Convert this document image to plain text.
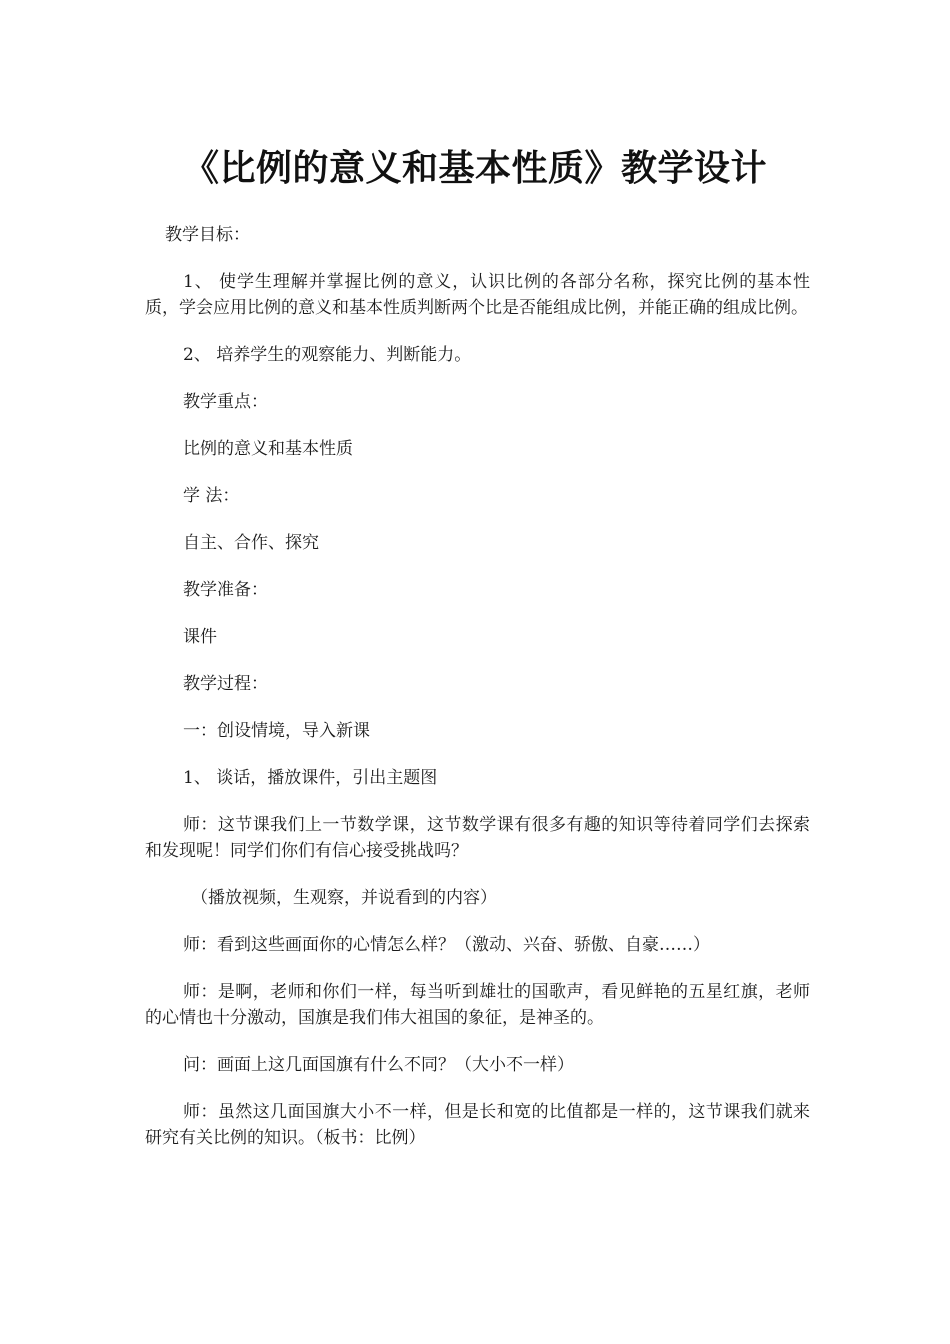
《比例的意义和基本性质》教学设计

教学目标：

1、 使学生理解并掌握比例的意义，认识比例的各部分名称，探究比例的基本性质，学会应用比例的意义和基本性质判断两个比是否能组成比例，并能正确的组成比例。

2、 培养学生的观察能力、判断能力。

教学重点：

比例的意义和基本性质

学 法：

自主、合作、探究

教学准备：

课件

教学过程：

一：创设情境，导入新课

1、 谈话，播放课件，引出主题图

师：这节课我们上一节数学课，这节数学课有很多有趣的知识等待着同学们去探索和发现呢！同学们你们有信心接受挑战吗？

（播放视频，生观察，并说看到的内容）

师：看到这些画面你的心情怎么样？（激动、兴奋、骄傲、自豪……）

师：是啊，老师和你们一样，每当听到雄壮的国歌声，看见鲜艳的五星红旗，老师的心情也十分激动，国旗是我们伟大祖国的象征，是神圣的。

问：画面上这几面国旗有什么不同？（大小不一样）

师：虽然这几面国旗大小不一样，但是长和宽的比值都是一样的，这节课我们就来研究有关比例的知识。（板书：比例）
